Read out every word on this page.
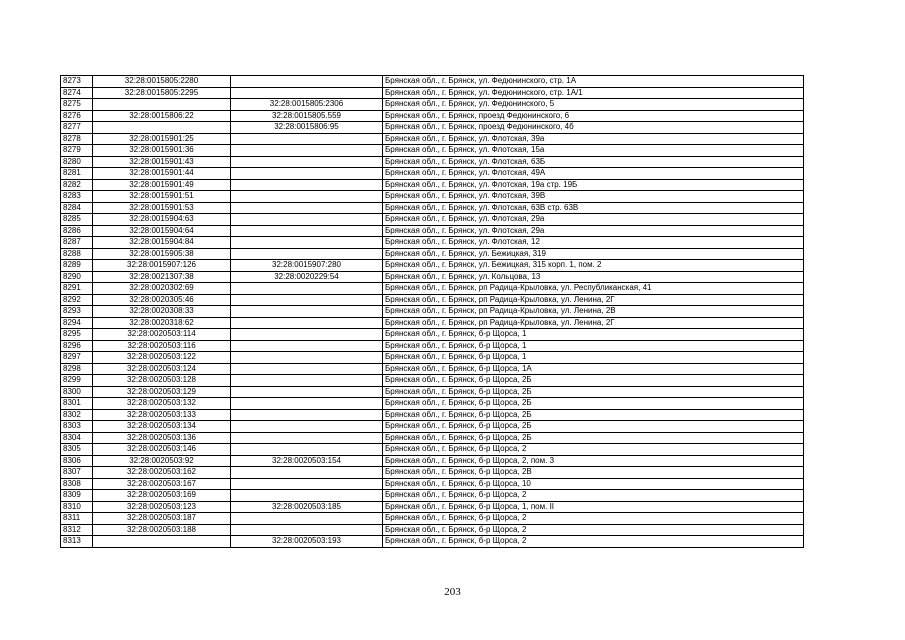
8273	32:28:0015805:2280		Брянская обл., г. Брянск, ул. Федюнинского, стр. 1А
8274	32:28:0015805:2295		Брянская обл., г. Брянск, ул. Федюнинского, стр. 1А/1
8275		32:28:0015805:2306	Брянская обл., г. Брянск, ул. Федюнинского, 5
8276	32:28:0015806:22	32:28:0015805.559	Брянская обл., г. Брянск, проезд Федюнинского, 6
8277		32:28:0015806:95	Брянская обл., г. Брянск, проезд Федюнинского, 4б
8278	32:28:0015901:25		Брянская обл., г. Брянск, ул. Флотская, 39а
8279	32:28:0015901:36		Брянская обл., г. Брянск, ул. Флотская, 15а
8280	32:28:0015901:43		Брянская обл., г. Брянск, ул. Флотская, 63Б
8281	32:28:0015901:44		Брянская обл., г. Брянск, ул. Флотская, 49А
8282	32:28:0015901:49		Брянская обл., г. Брянск, ул. Флотская, 19а стр. 19Б
8283	32:28:0015901:51		Брянская обл., г. Брянск, ул. Флотская, 39В
8284	32:28:0015901:53		Брянская обл., г. Брянск, ул. Флотская, 63В стр. 63В
8285	32:28:0015904:63		Брянская обл., г. Брянск, ул. Флотская, 29а
8286	32:28:0015904:64		Брянская обл., г. Брянск, ул. Флотская, 29а
8287	32:28:0015904:84		Брянская обл., г. Брянск, ул. Флотская, 12
8288	32:28:0015905:38		Брянская обл., г. Брянск, ул. Бежицкая, 319
8289	32:28:0015907:126	32:28:0015907:280	Брянская обл., г. Брянск, ул. Бежицкая, 315 корп. 1, пом. 2
8290	32:28:0021307:38	32:28:0020229:54	Брянская обл., г. Брянск, ул. Кольцова, 13
8291	32:28:0020302:69		Брянская обл., г. Брянск, рп Радица-Крыловка, ул. Республиканская, 41
8292	32:28:0020305:46		Брянская обл., г. Брянск, рп Радица-Крыловка, ул. Ленина, 2Г
8293	32:28:0020308:33		Брянская обл., г. Брянск, рп Радица-Крыловка, ул. Ленина, 2В
8294	32:28:0020318:62		Брянская обл., г. Брянск, рп Радица-Крыловка, ул. Ленина, 2Г
8295	32:28:0020503:114		Брянская обл., г. Брянск, б-р Щорса, 1
8296	32:28:0020503:116		Брянская обл., г. Брянск, б-р Щорса, 1
8297	32:28:0020503:122		Брянская обл., г. Брянск, б-р Щорса, 1
8298	32:28:0020503:124		Брянская обл., г. Брянск, б-р Щорса, 1А
8299	32:28:0020503:128		Брянская обл., г. Брянск, б-р Щорса, 2Б
8300	32:28:0020503:129		Брянская обл., г. Брянск, б-р Щорса, 2Б
8301	32:28:0020503:132		Брянская обл., г. Брянск, б-р Щорса, 2Б
8302	32:28:0020503:133		Брянская обл., г. Брянск, б-р Щорса, 2Б
8303	32:28:0020503:134		Брянская обл., г. Брянск, б-р Щорса, 2Б
8304	32:28:0020503:136		Брянская обл., г. Брянск, б-р Щорса, 2Б
8305	32:28:0020503:146		Брянская обл., г. Брянск, б-р Щорса, 2
8306	32:28:0020503:92	32:28:0020503:154	Брянская обл., г. Брянск, б-р Щорса, 2, пом. 3
8307	32:28:0020503:162		Брянская обл., г. Брянск, б-р Щорса, 2В
8308	32:28:0020503:167		Брянская обл., г. Брянск, б-р Щорса, 10
8309	32:28:0020503:169		Брянская обл., г. Брянск, б-р Щорса, 2
8310	32:28:0020503:123	32:28:0020503:185	Брянская обл., г. Брянск, б-р Щорса, 1, пом. II
8311	32:28:0020503:187		Брянская обл., г. Брянск, б-р Щорса, 2
8312	32:28:0020503:188		Брянская обл., г. Брянск, б-р Щорса, 2
8313		32:28:0020503:193	Брянская обл., г. Брянск, б-р Щорса, 2
203
